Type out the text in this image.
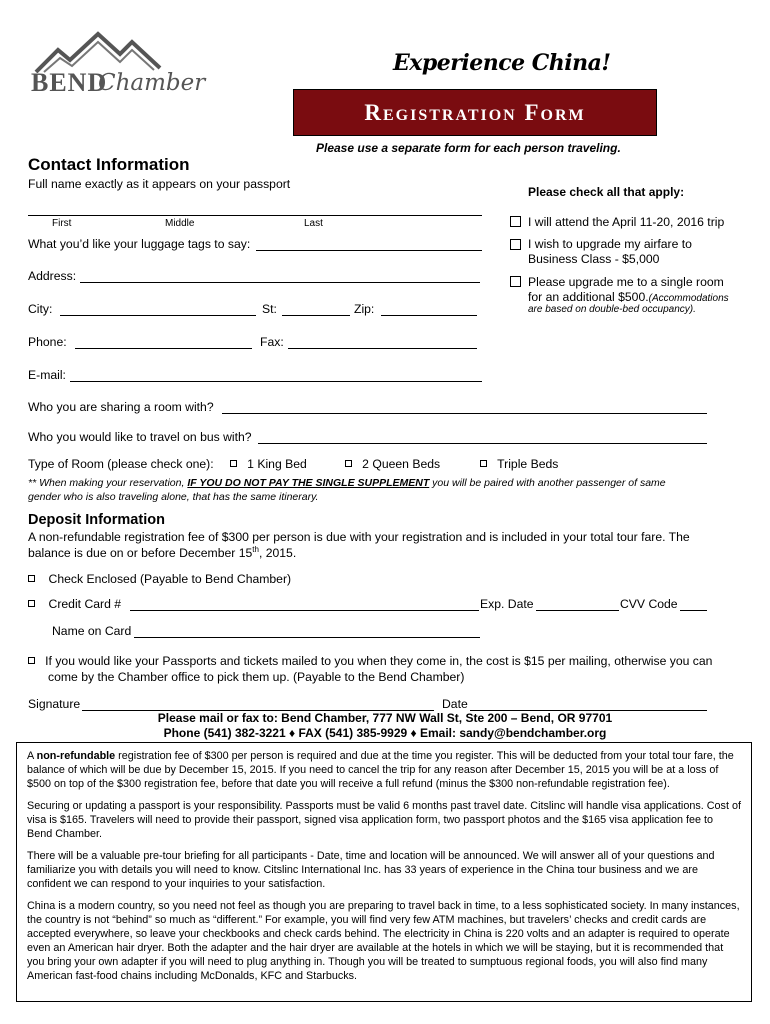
BEND
Chamber
Experience China!
Registration Form
Please use a separate form for each person traveling.
Contact Information
Full name exactly as it appears on your passport
First	Middle	Last
What you’d like your luggage tags to say:
Address:
City:	St:	Zip:
Phone:	Fax:
E-mail:
Who you are sharing a room with?
Who you would like to travel on bus with?
Type of Room (please check one):	1 King Bed	2 Queen Beds	Triple Beds
** When making your reservation, IF YOU DO NOT PAY THE SINGLE SUPPLEMENT you will be paired with another passenger of same
gender who is also traveling alone, that has the same itinerary.
Please check all that apply:
I will attend the April 11-20, 2016 trip
I wish to upgrade my airfare to
Business Class - $5,000
Please upgrade me to a single room
for an additional $500.(Accommodations
are based on double-bed occupancy).
Deposit Information
A non-refundable registration fee of $300 per person is due with your registration and is included in your total tour fare. The
balance is due on or before December 15th, 2015.
Check Enclosed (Payable to Bend Chamber)
Credit Card #	Exp. Date	CVV Code
Name on Card
If you would like your Passports and tickets mailed to you when they come in, the cost is $15 per mailing, otherwise you can
come by the Chamber office to pick them up. (Payable to the Bend Chamber)
Signature	Date
Please mail or fax to: Bend Chamber, 777 NW Wall St, Ste 200 – Bend, OR 97701
Phone (541) 382-3221 ♦ FAX (541) 385-9929 ♦ Email: sandy@bendchamber.org

A non-refundable registration fee of $300 per person is required and due at the time you register. This will be deducted from your total tour fare, the balance of which will be due by December 15, 2015. If you need to cancel the trip for any reason after December 15, 2015 you will be at a loss of $500 on top of the $300 registration fee, before that date you will receive a full refund (minus the $300 non-refundable registration fee).

Securing or updating a passport is your responsibility. Passports must be valid 6 months past travel date. Citslinc will handle visa applications. Cost of visa is $165. Travelers will need to provide their passport, signed visa application form, two passport photos and the $165 visa application fee to Bend Chamber.

There will be a valuable pre-tour briefing for all participants - Date, time and location will be announced. We will answer all of your questions and familiarize you with details you will need to know. Citslinc International Inc. has 33 years of experience in the China tour business and we are confident we can respond to your inquiries to your satisfaction.

China is a modern country, so you need not feel as though you are preparing to travel back in time, to a less sophisticated society. In many instances, the country is not “behind” so much as “different.” For example, you will find very few ATM machines, but travelers’ checks and credit cards are accepted everywhere, so leave your checkbooks and check cards behind. The electricity in China is 220 volts and an adapter is required to operate even an American hair dryer. Both the adapter and the hair dryer are available at the hotels in which we will be staying, but it is recommended that you bring your own adapter if you will need to plug anything in. Though you will be treated to sumptuous regional foods, you will also find many American fast-food chains including McDonalds, KFC and Starbucks.
